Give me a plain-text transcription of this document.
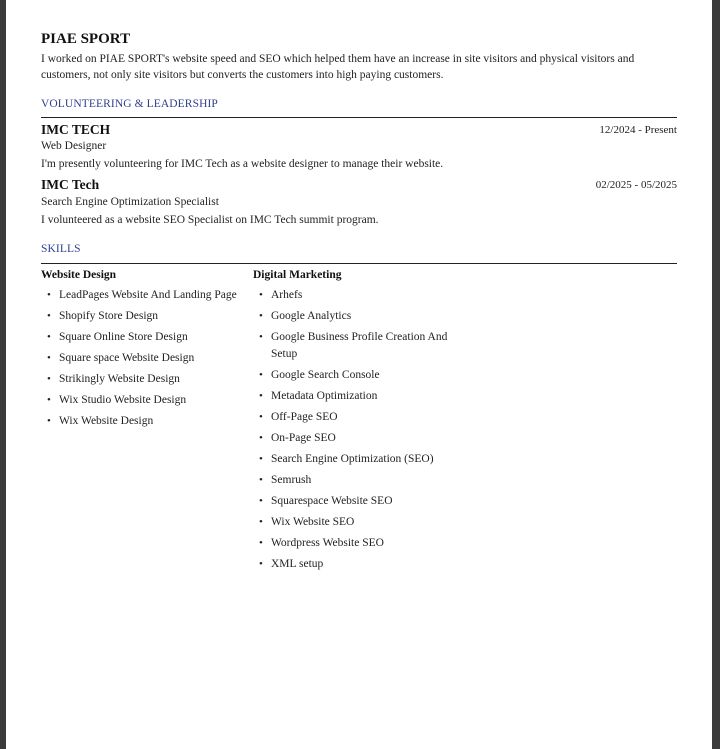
PIAE SPORT
I worked on PIAE SPORT's website speed and SEO which helped them have an increase in site visitors and physical visitors and customers, not only site visitors but converts the customers into high paying customers.
VOLUNTEERING & LEADERSHIP
IMC TECH	12/2024 - Present
Web Designer
I'm presently volunteering for IMC Tech as a website designer to manage their website.
IMC Tech	02/2025 - 05/2025
Search Engine Optimization Specialist
I volunteered as a website SEO Specialist on IMC Tech summit program.
SKILLS
Website Design
• LeadPages Website And Landing Page
• Shopify Store Design
• Square Online Store Design
• Square space Website Design
• Strikingly Website Design
• Wix Studio Website Design
• Wix Website Design
Digital Marketing
• Arhefs
• Google Analytics
• Google Business Profile Creation And Setup
• Google Search Console
• Metadata Optimization
• Off-Page SEO
• On-Page SEO
• Search Engine Optimization (SEO)
• Semrush
• Squarespace Website SEO
• Wix Website SEO
• Wordpress Website SEO
• XML setup
